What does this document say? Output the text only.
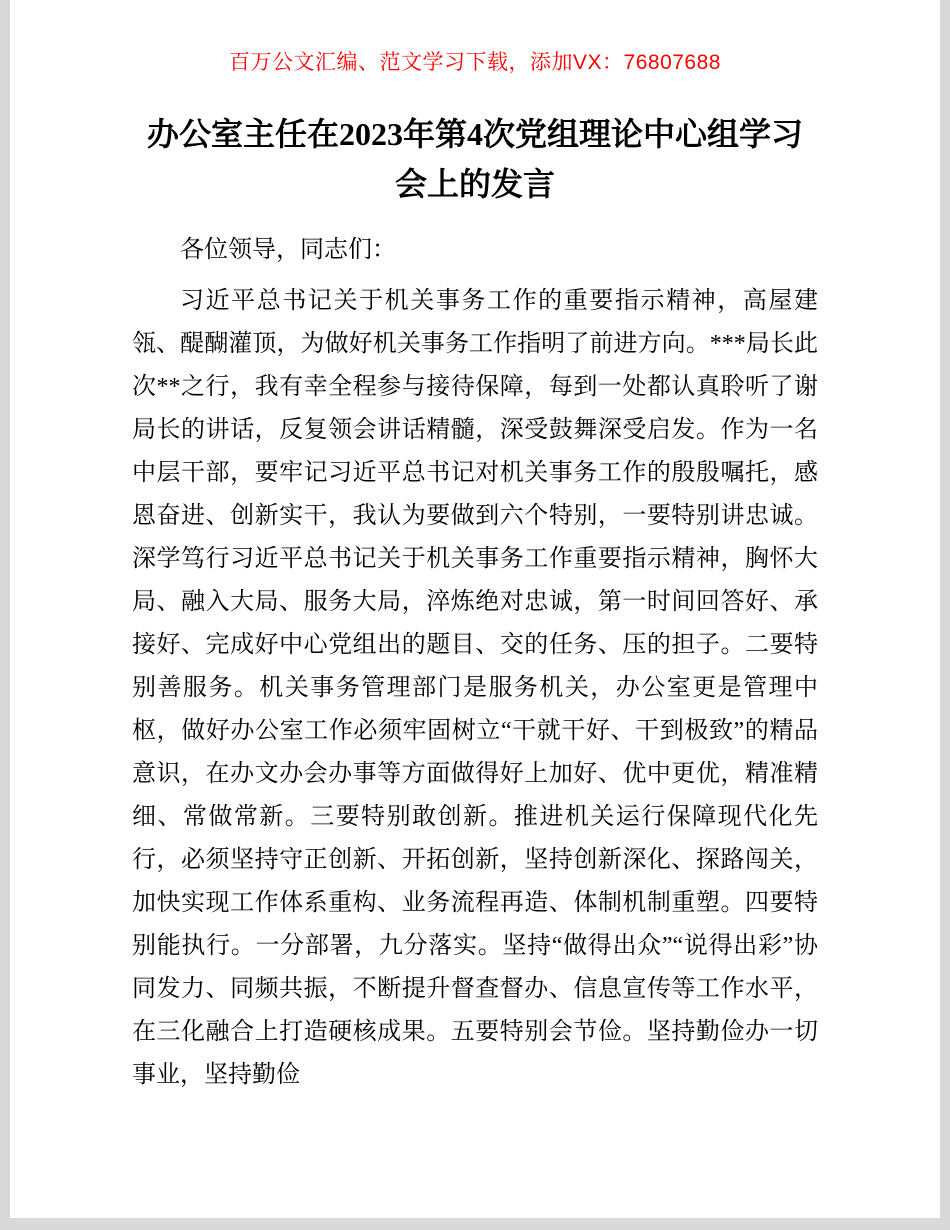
百万公文汇编、范文学习下载，添加VX：76807688

办公室主任在2023年第4次党组理论中心组学习会上的发言

各位领导，同志们：

习近平总书记关于机关事务工作的重要指示精神，高屋建瓴、醍醐灌顶，为做好机关事务工作指明了前进方向。***局长此次**之行，我有幸全程参与接待保障，每到一处都认真聆听了谢局长的讲话，反复领会讲话精髓，深受鼓舞深受启发。作为一名中层干部，要牢记习近平总书记对机关事务工作的殷殷嘱托，感恩奋进、创新实干，我认为要做到六个特别，一要特别讲忠诚。深学笃行习近平总书记关于机关事务工作重要指示精神，胸怀大局、融入大局、服务大局，淬炼绝对忠诚，第一时间回答好、承接好、完成好中心党组出的题目、交的任务、压的担子。二要特别善服务。机关事务管理部门是服务机关，办公室更是管理中枢，做好办公室工作必须牢固树立“干就干好、干到极致”的精品意识，在办文办会办事等方面做得好上加好、优中更优，精准精细、常做常新。三要特别敢创新。推进机关运行保障现代化先行，必须坚持守正创新、开拓创新，坚持创新深化、探路闯关，加快实现工作体系重构、业务流程再造、体制机制重塑。四要特别能执行。一分部署，九分落实。坚持“做得出众”“说得出彩”协同发力、同频共振，不断提升督查督办、信息宣传等工作水平，在三化融合上打造硬核成果。五要特别会节俭。坚持勤俭办一切事业，坚持勤俭
